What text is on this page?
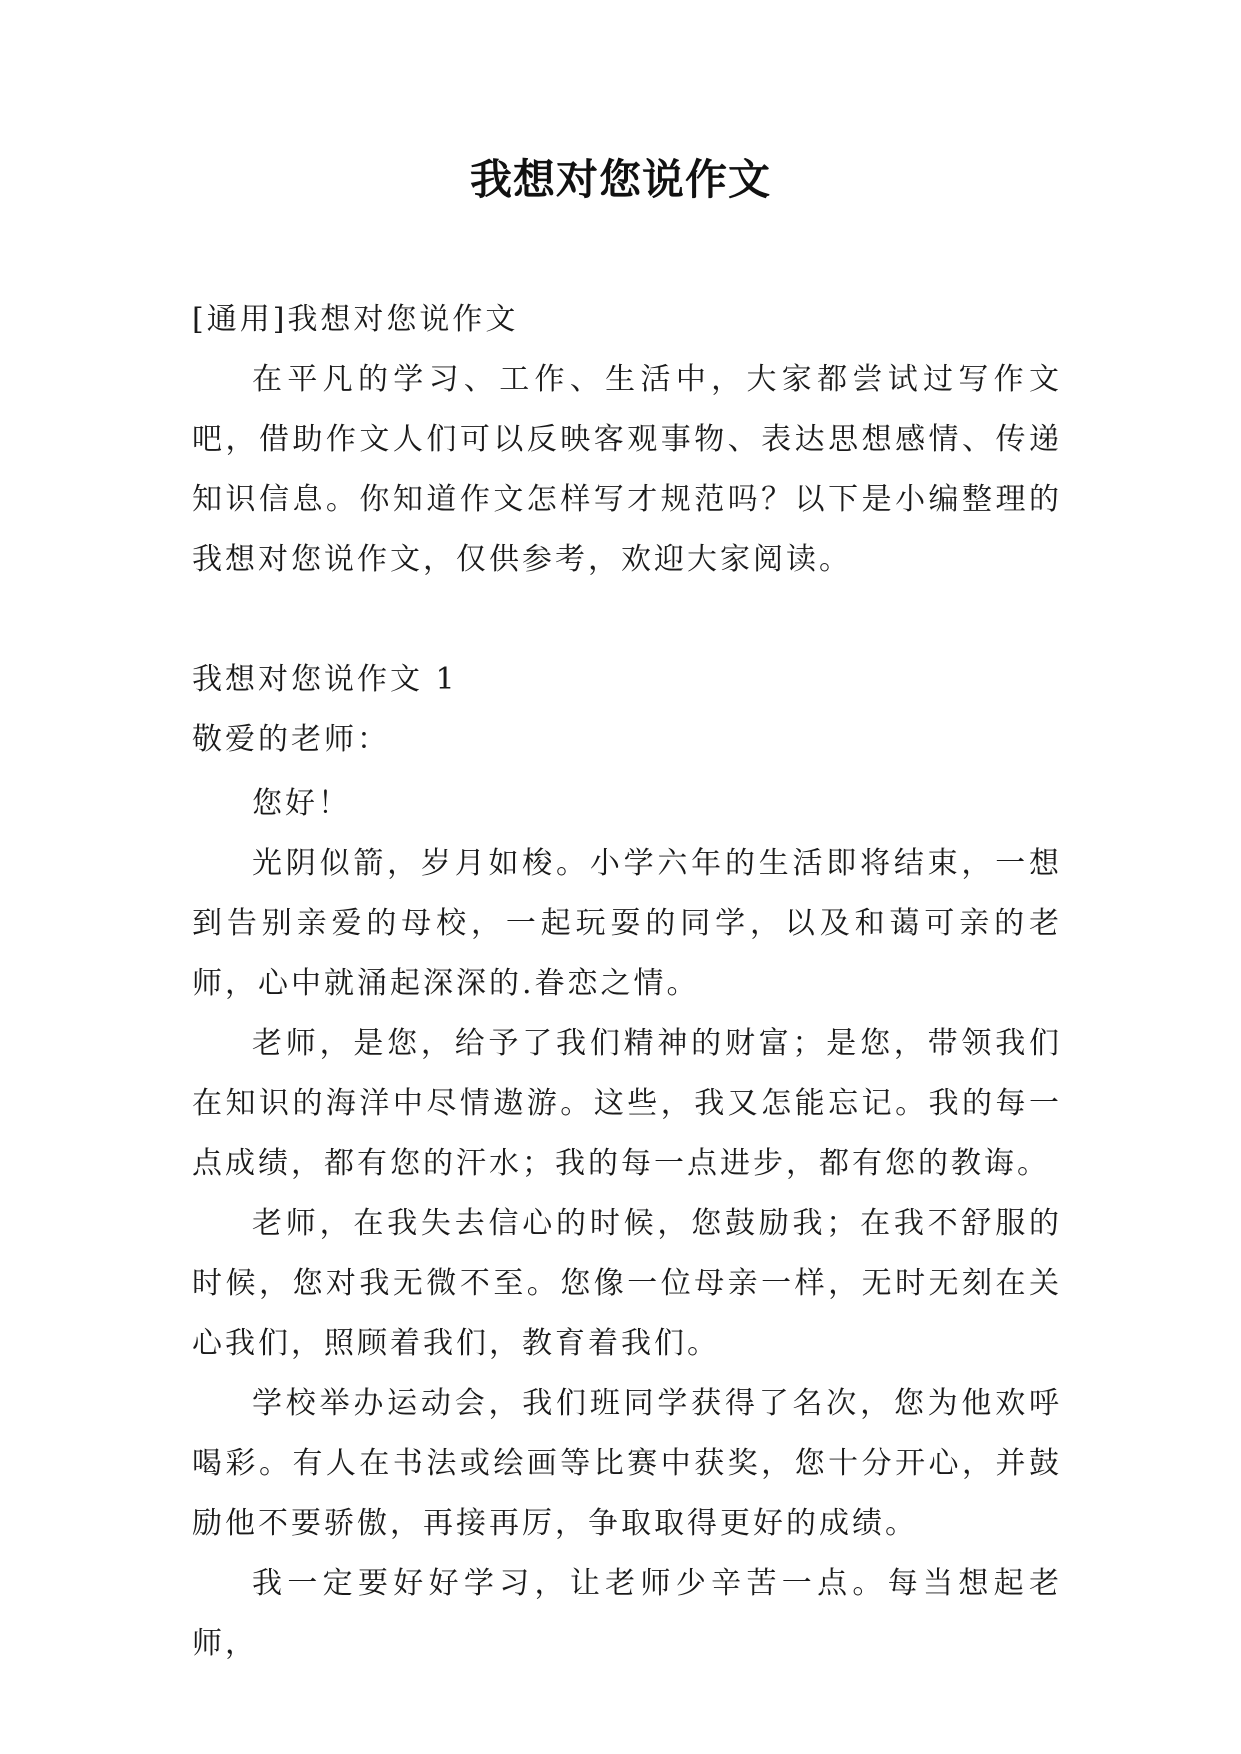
我想对您说作文
[通用]我想对您说作文

在平凡的学习、工作、生活中，大家都尝试过写作文吧，借助作文人们可以反映客观事物、表达思想感情、传递知识信息。你知道作文怎样写才规范吗？以下是小编整理的我想对您说作文，仅供参考，欢迎大家阅读。

我想对您说作文 1
敬爱的老师：
您好！

光阴似箭，岁月如梭。小学六年的生活即将结束，一想到告别亲爱的母校，一起玩耍的同学，以及和蔼可亲的老师，心中就涌起深深的.眷恋之情。

老师，是您，给予了我们精神的财富；是您，带领我们在知识的海洋中尽情遨游。这些，我又怎能忘记。我的每一点成绩，都有您的汗水；我的每一点进步，都有您的教诲。

老师，在我失去信心的时候，您鼓励我；在我不舒服的时候，您对我无微不至。您像一位母亲一样，无时无刻在关心我们，照顾着我们，教育着我们。

学校举办运动会，我们班同学获得了名次，您为他欢呼喝彩。有人在书法或绘画等比赛中获奖，您十分开心，并鼓励他不要骄傲，再接再厉，争取取得更好的成绩。

我一定要好好学习，让老师少辛苦一点。每当想起老师，
